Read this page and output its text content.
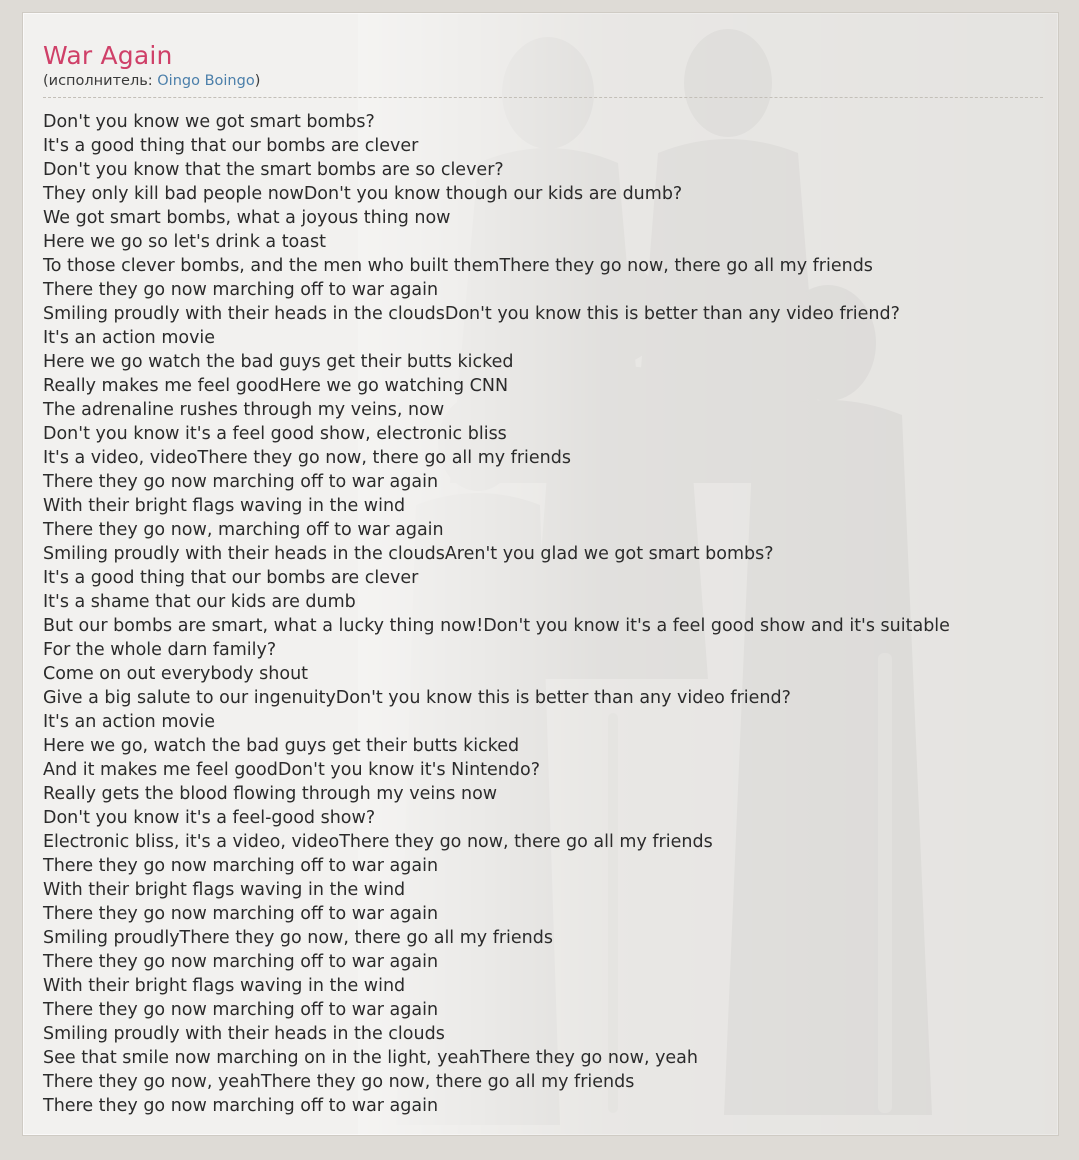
War Again
(исполнитель: Oingo Boingo)
Don't you know we got smart bombs?
It's a good thing that our bombs are clever
Don't you know that the smart bombs are so clever?
They only kill bad people nowDon't you know though our kids are dumb?
We got smart bombs, what a joyous thing now
Here we go so let's drink a toast
To those clever bombs, and the men who built themThere they go now, there go all my friends
There they go now marching off to war again
Smiling proudly with their heads in the cloudsDon't you know this is better than any video friend?
It's an action movie
Here we go watch the bad guys get their butts kicked
Really makes me feel goodHere we go watching CNN
The adrenaline rushes through my veins, now
Don't you know it's a feel good show, electronic bliss
It's a video, videoThere they go now, there go all my friends
There they go now marching off to war again
With their bright flags waving in the wind
There they go now, marching off to war again
Smiling proudly with their heads in the cloudsAren't you glad we got smart bombs?
It's a good thing that our bombs are clever
It's a shame that our kids are dumb
But our bombs are smart, what a lucky thing now!Don't you know it's a feel good show and it's suitable
For the whole darn family?
Come on out everybody shout
Give a big salute to our ingenuityDon't you know this is better than any video friend?
It's an action movie
Here we go, watch the bad guys get their butts kicked
And it makes me feel goodDon't you know it's Nintendo?
Really gets the blood flowing through my veins now
Don't you know it's a feel-good show?
Electronic bliss, it's a video, videoThere they go now, there go all my friends
There they go now marching off to war again
With their bright flags waving in the wind
There they go now marching off to war again
Smiling proudlyThere they go now, there go all my friends
There they go now marching off to war again
With their bright flags waving in the wind
There they go now marching off to war again
Smiling proudly with their heads in the clouds
See that smile now marching on in the light, yeahThere they go now, yeah
There they go now, yeahThere they go now, there go all my friends
There they go now marching off to war again
